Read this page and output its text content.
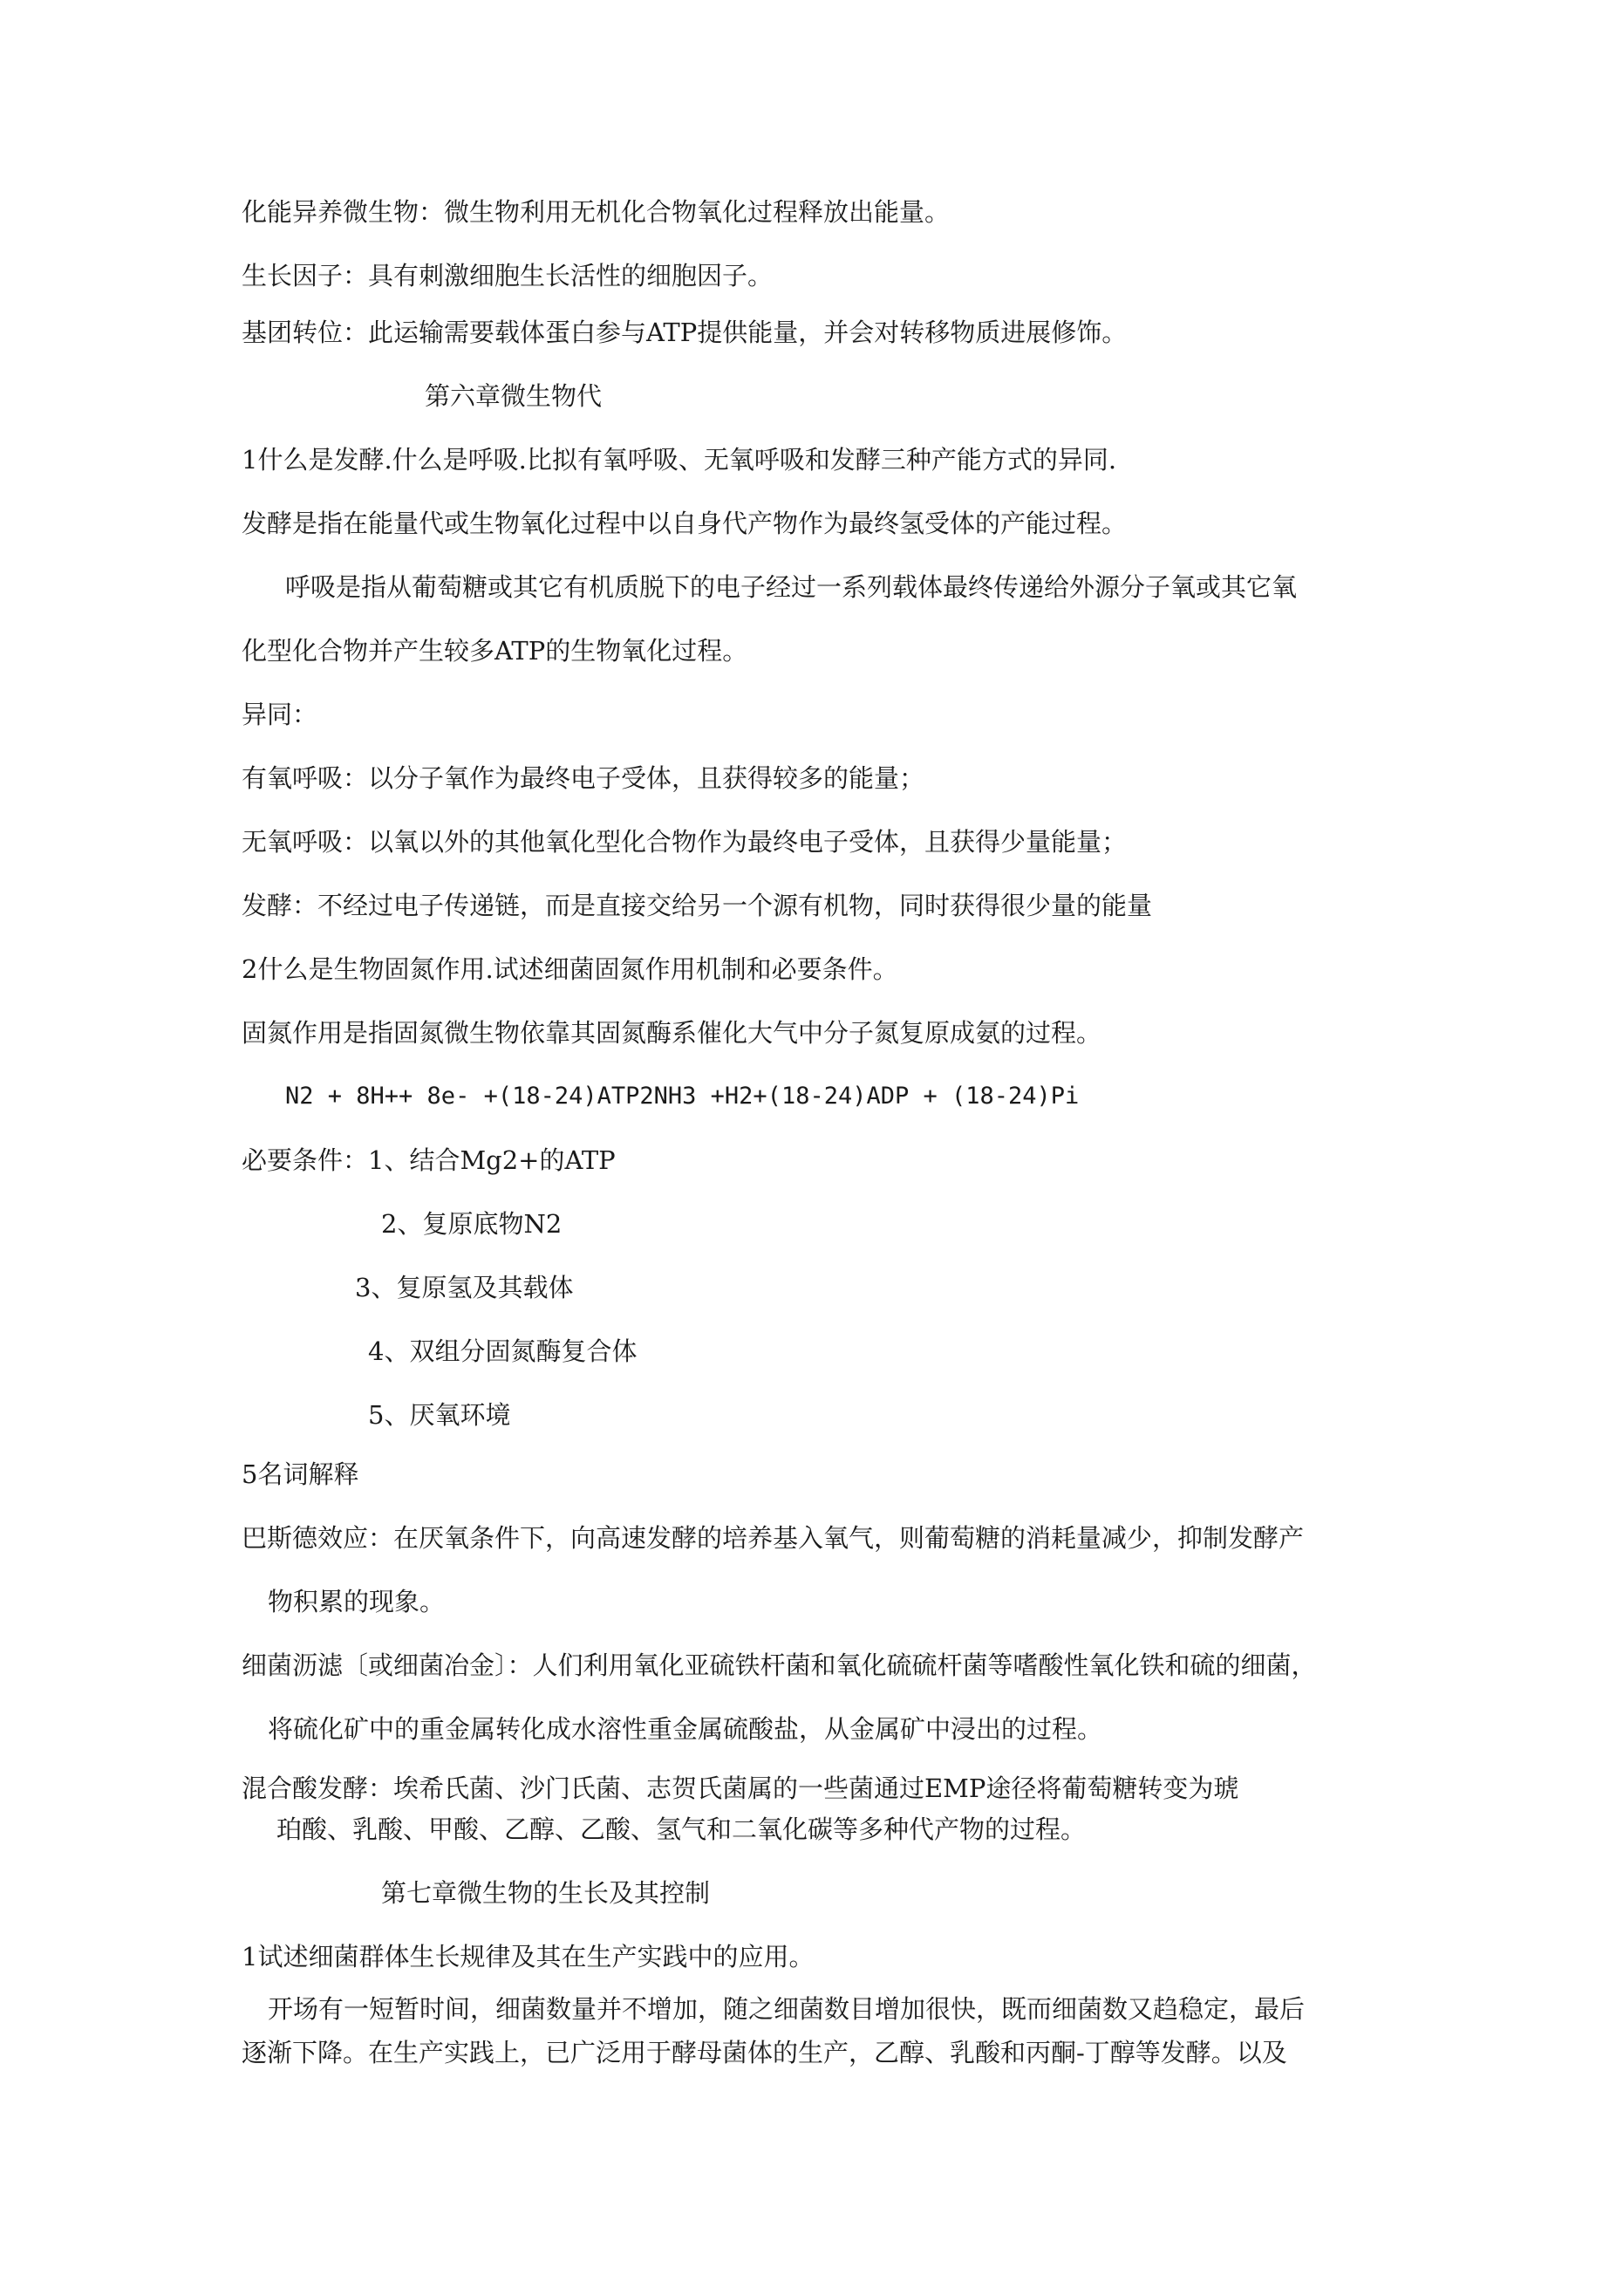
化能异养微生物：微生物利用无机化合物氧化过程释放出能量。
生长因子：具有刺激细胞生长活性的细胞因子。
基团转位：此运输需要载体蛋白参与ATP提供能量，并会对转移物质进展修饰。
第六章微生物代
1什么是发酵.什么是呼吸.比拟有氧呼吸、无氧呼吸和发酵三种产能方式的异同.
发酵是指在能量代或生物氧化过程中以自身代产物作为最终氢受体的产能过程。
呼吸是指从葡萄糖或其它有机质脱下的电子经过一系列载体最终传递给外源分子氧或其它氧
化型化合物并产生较多ATP的生物氧化过程。
异同：
有氧呼吸：以分子氧作为最终电子受体，且获得较多的能量；
无氧呼吸：以氧以外的其他氧化型化合物作为最终电子受体，且获得少量能量；
发酵：不经过电子传递链，而是直接交给另一个源有机物，同时获得很少量的能量
2什么是生物固氮作用.试述细菌固氮作用机制和必要条件。
固氮作用是指固氮微生物依靠其固氮酶系催化大气中分子氮复原成氨的过程。
N2 + 8H++ 8e- +(18-24)ATP2NH3 +H2+(18-24)ADP + (18-24)Pi
必要条件：1、结合Mg2+的ATP
2、复原底物N2
3、复原氢及其载体
4、双组分固氮酶复合体
5、厌氧环境
5名词解释
巴斯德效应：在厌氧条件下，向高速发酵的培养基入氧气，则葡萄糖的消耗量减少，抑制发酵产
物积累的现象。
细菌沥滤〔或细菌冶金〕：人们利用氧化亚硫铁杆菌和氧化硫硫杆菌等嗜酸性氧化铁和硫的细菌，
将硫化矿中的重金属转化成水溶性重金属硫酸盐，从金属矿中浸出的过程。
混合酸发酵：埃希氏菌、沙门氏菌、志贺氏菌属的一些菌通过EMP途径将葡萄糖转变为琥
珀酸、乳酸、甲酸、乙醇、乙酸、氢气和二氧化碳等多种代产物的过程。
第七章微生物的生长及其控制
1试述细菌群体生长规律及其在生产实践中的应用。
开场有一短暂时间，细菌数量并不增加，随之细菌数目增加很快，既而细菌数又趋稳定，最后
逐渐下降。在生产实践上，已广泛用于酵母菌体的生产，乙醇、乳酸和丙酮-丁醇等发酵。以及
